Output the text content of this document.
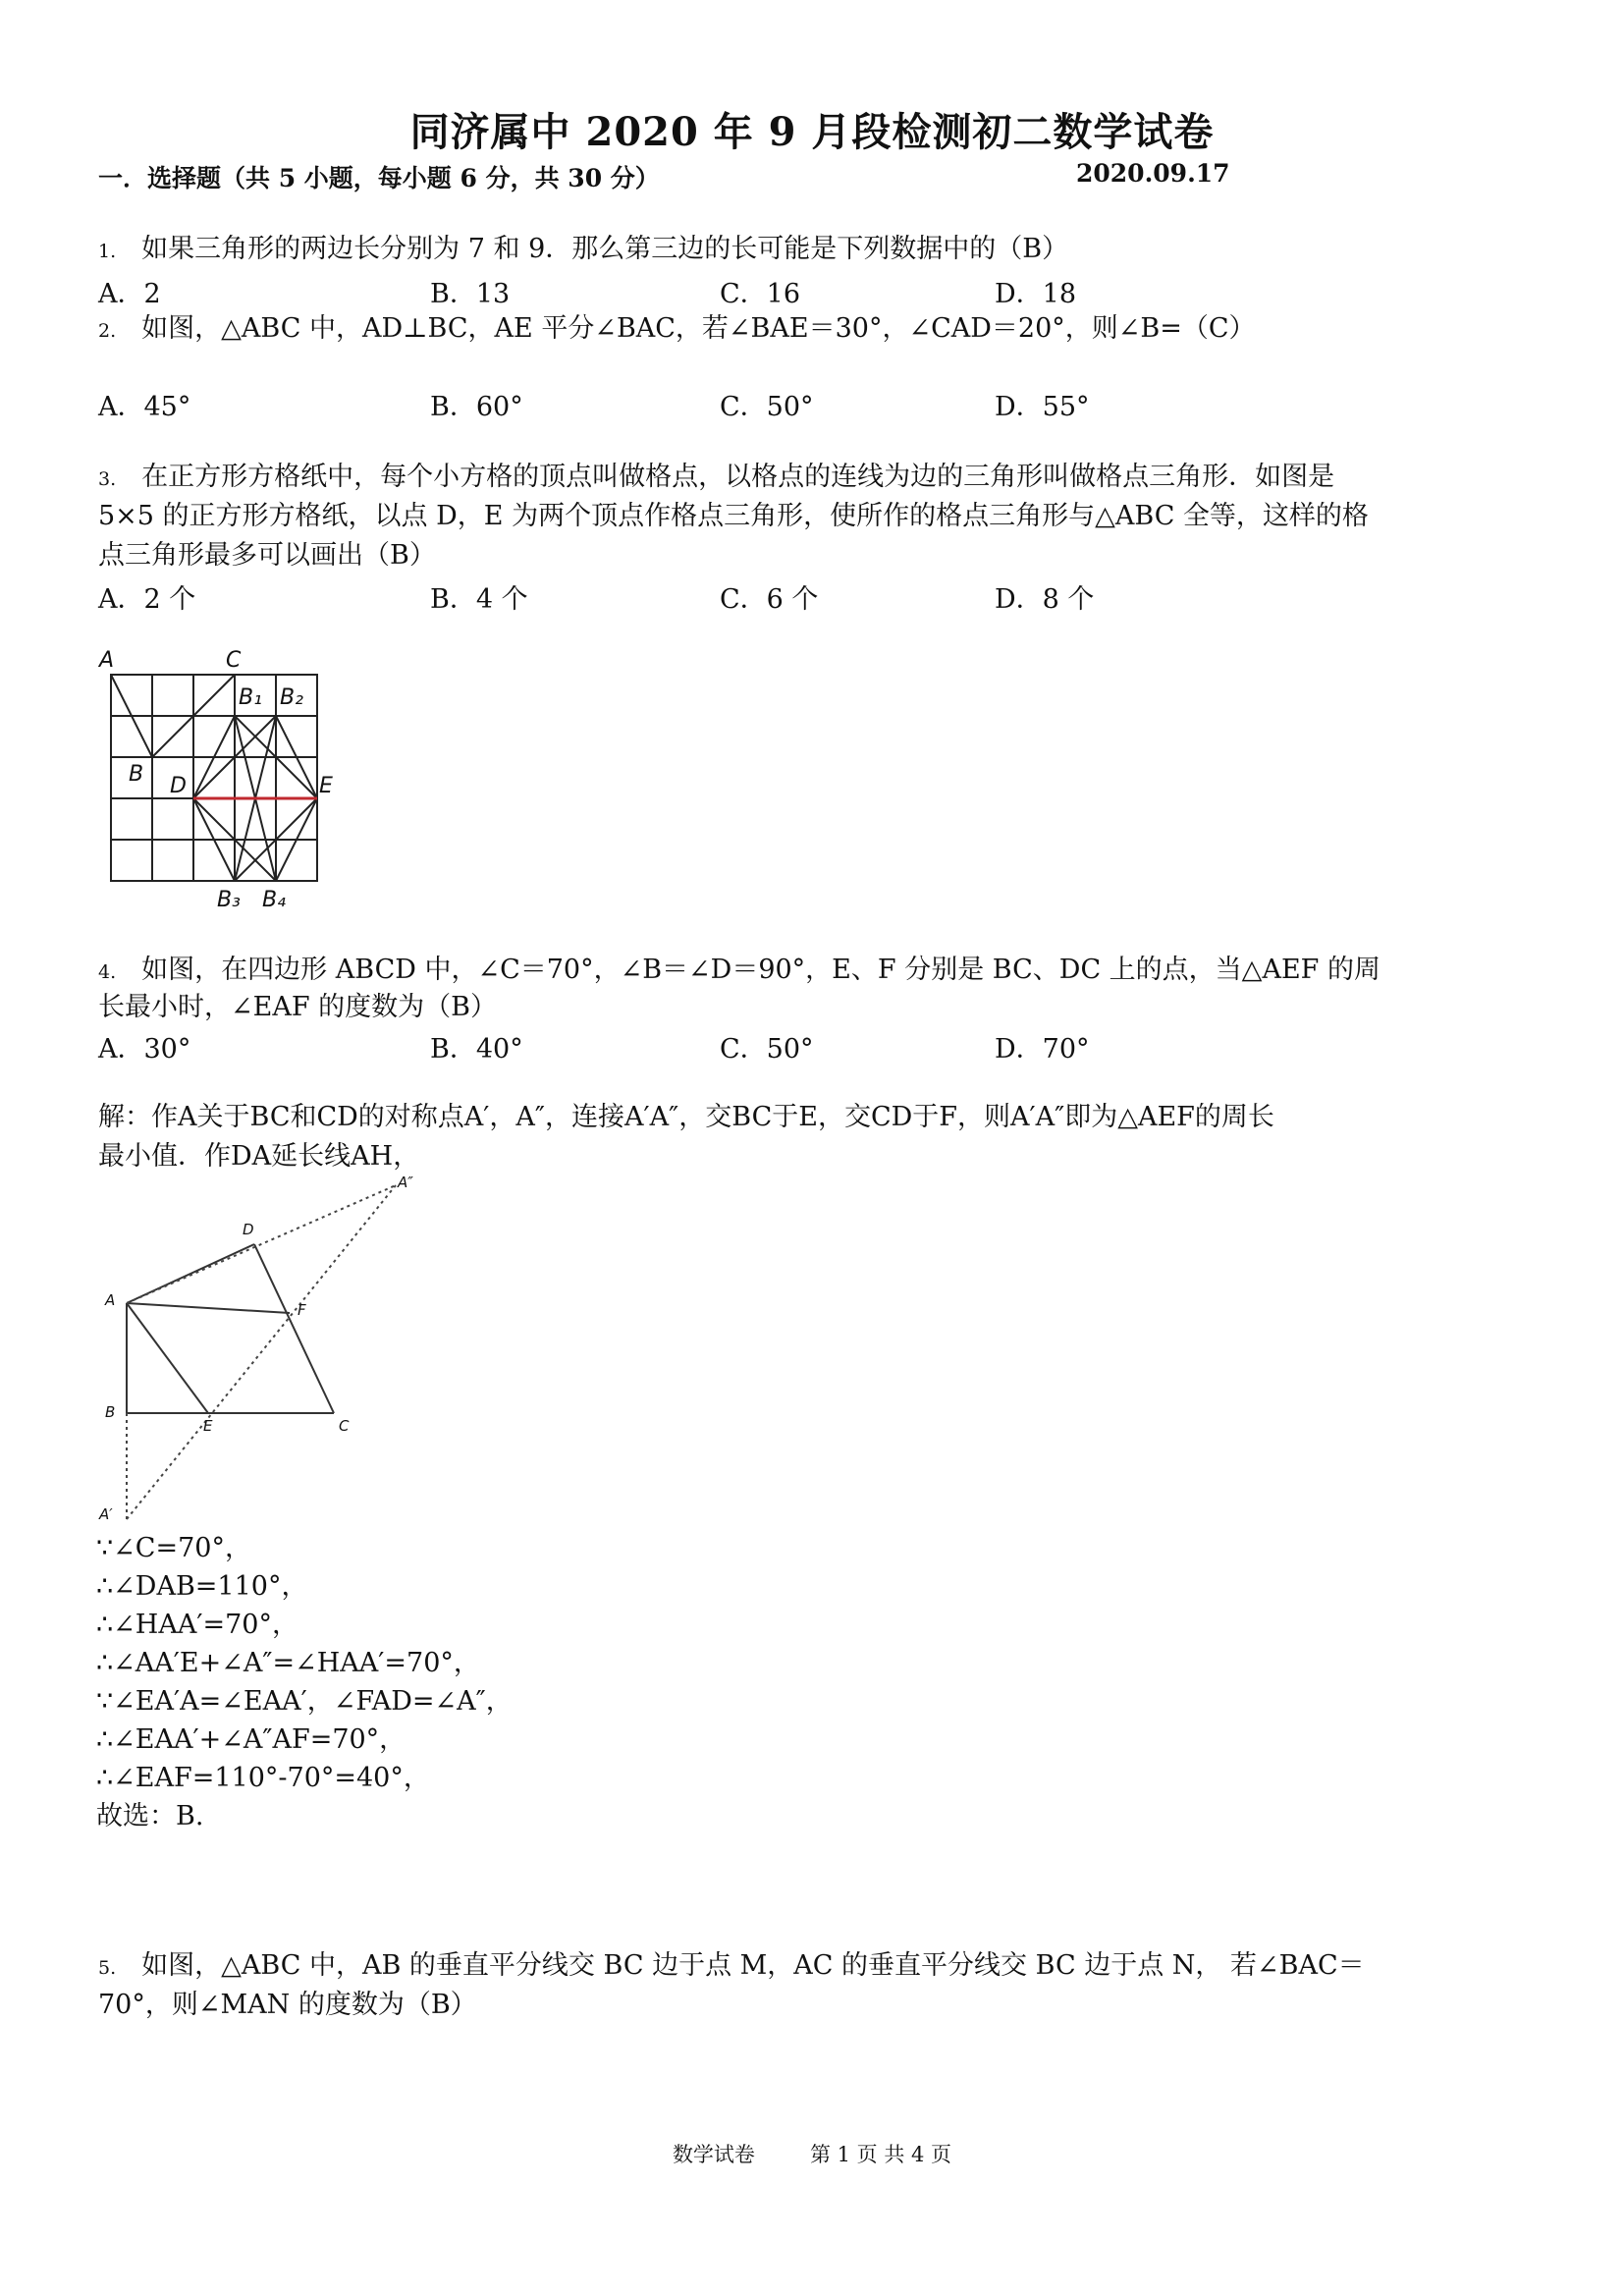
同济属中 2020 年 9 月段检测初二数学试卷
一．选择题（共 5 小题，每小题 6 分，共 30 分）	2020.09.17
1. 如果三角形的两边长分别为 7 和 9．那么第三边的长可能是下列数据中的（B）
A．2	B．13	C．16	D．18
2. 如图，△ABC 中，AD⊥BC，AE 平分∠BAC，若∠BAE＝30°，∠CAD＝20°，则∠B=（C）
A．45°	B．60°	C．50°	D．55°
3. 在正方形方格纸中，每个小方格的顶点叫做格点，以格点的连线为边的三角形叫做格点三角形．如图是
5×5 的正方形方格纸，以点 D，E 为两个顶点作格点三角形，使所作的格点三角形与△ABC 全等，这样的格
点三角形最多可以画出（B）
A．2 个	B．4 个	C．6 个	D．8 个
A	C
B D	E
B₁ B₂
B₃ B₄
4. 如图，在四边形 ABCD 中，∠C＝70°，∠B＝∠D＝90°，E、F 分别是 BC、DC 上的点，当△AEF 的周
长最小时，∠EAF 的度数为（B）
A．30°	B．40°	C．50°	D．70°
解：作A关于BC和CD的对称点A′，A″，连接A′A″，交BC于E，交CD于F，则A′A″即为△AEF的周长
最小值．作DA延长线AH，
A″
D
A
F
B
E	C
A′
∵∠C=70°，
∴∠DAB=110°，
∴∠HAA′=70°，
∴∠AA′E+∠A″=∠HAA′=70°，
∵∠EA′A=∠EAA′，∠FAD=∠A″，
∴∠EAA′+∠A″AF=70°，
∴∠EAF=110°-70°=40°，
故选：B.
5. 如图，△ABC 中，AB 的垂直平分线交 BC 边于点 M，AC 的垂直平分线交 BC 边于点 N， 若∠BAC＝
70°，则∠MAN 的度数为（B）
数学试卷	第 1 页 共 4 页
